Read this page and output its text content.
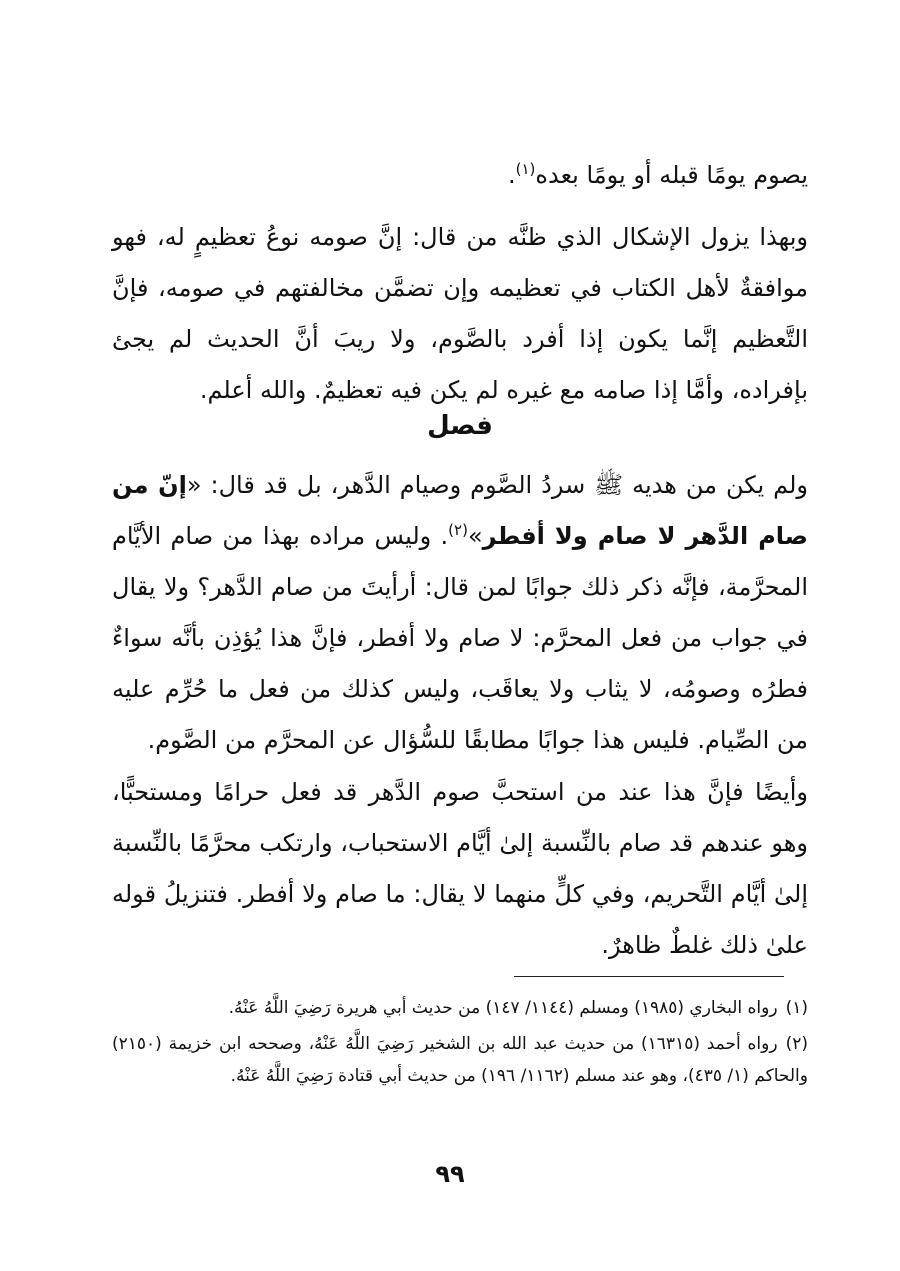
يصوم يومًا قبله أو يومًا بعده$^{(١)}$.

وبهذا يزول الإشكال الذي ظنَّه من قال: إنَّ صومه نوعُ تعظيمٍ له، فهو موافقةٌ لأهل الكتاب في تعظيمه وإن تضمَّن مخالفتهم في صومه، فإنَّ التَّعظيم إنَّما يكون إذا أفرد بالصَّوم، ولا ريبَ أنَّ الحديث لم يجئ بإفراده، وأمَّا إذا صامه مع غيره لم يكن فيه تعظيمٌ. والله أعلم.

فصل

ولم يكن من هديه ﷺ سردُ الصَّوم وصيام الدَّهر، بل قد قال: «إنّ من صام الدَّهر لا صام ولا أفطر»$^{(٢)}$. وليس مراده بهذا من صام الأيَّام المحرَّمة، فإنَّه ذكر ذلك جوابًا لمن قال: أرأيتَ من صام الدَّهر؟ ولا يقال في جواب من فعل المحرَّم: لا صام ولا أفطر، فإنَّ هذا يُؤذِن بأنَّه سواءٌ فطرُه وصومُه، لا يثاب ولا يعاقَب، وليس كذلك من فعل ما حُرِّم عليه من الصِّيام. فليس هذا جوابًا مطابقًا للسُّؤال عن المحرَّم من الصَّوم.

وأيضًا فإنَّ هذا عند من استحبَّ صوم الدَّهر قد فعل حرامًا ومستحبًّا، وهو عندهم قد صام بالنِّسبة إلىٰ أيَّام الاستحباب، وارتكب محرَّمًا بالنِّسبة إلىٰ أيَّام التَّحريم، وفي كلٍّ منهما لا يقال: ما صام ولا أفطر. فتنزيلُ قوله علىٰ ذلك غلطٌ ظاهرٌ.

(١)رواه البخاري (١٩٨٥) ومسلم (١١٤٤/ ١٤٧) من حديث أبي هريرة رَضِيَ اللَّهُ عَنْهُ.

(٢)رواه أحمد (١٦٣١٥) من حديث عبد الله بن الشخير رَضِيَ اللَّهُ عَنْهُ، وصححه ابن خزيمة (٢١٥٠) والحاكم (١/ ٤٣٥)، وهو عند مسلم (١١٦٢/ ١٩٦) من حديث أبي قتادة رَضِيَ اللَّهُ عَنْهُ.

٩٩
